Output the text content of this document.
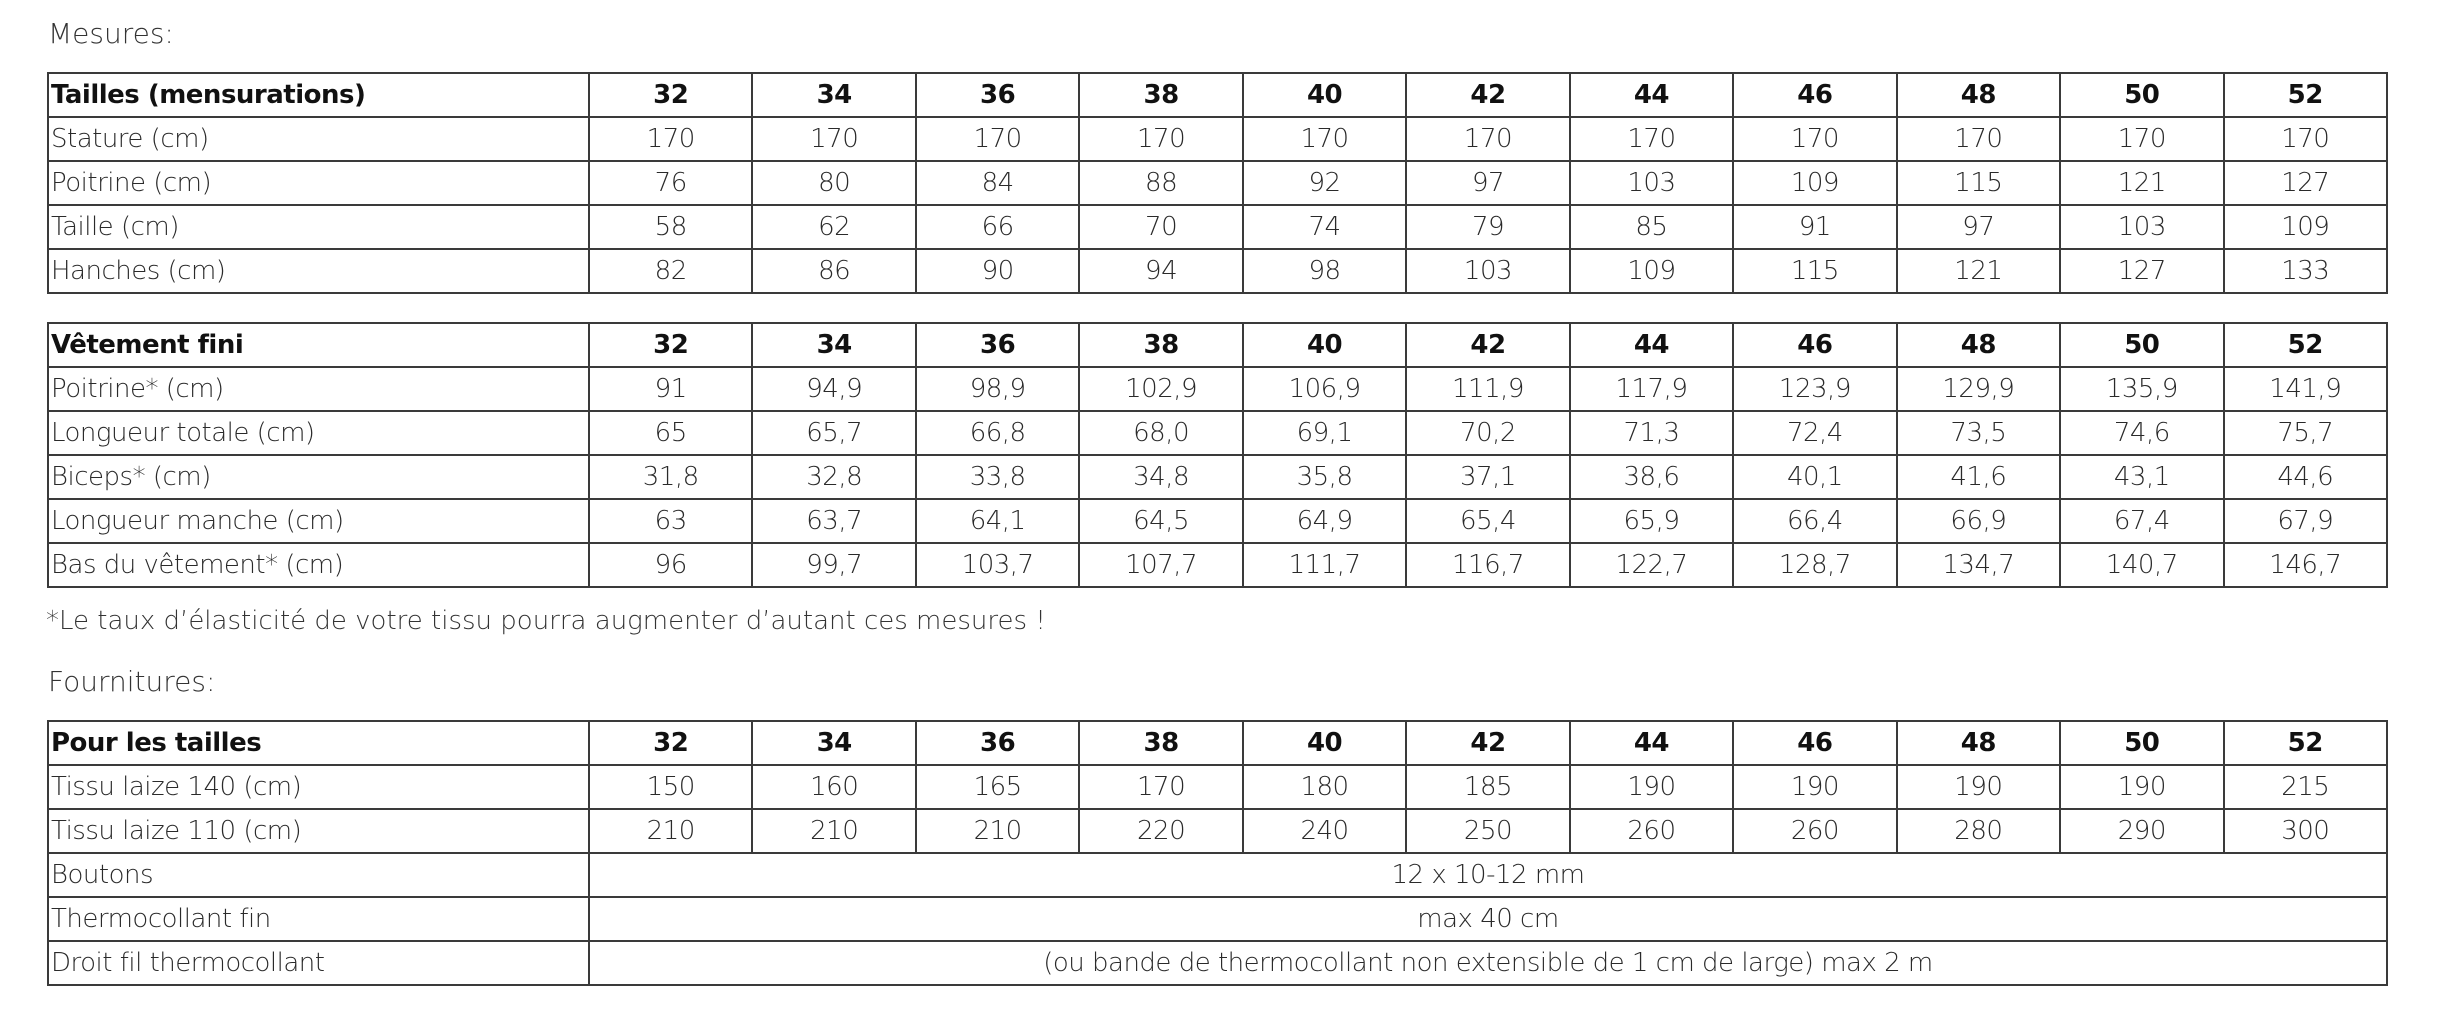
Mesures:
Tailles (mensurations)	32	34	36	38	40	42	44	46	48	50	52
Stature (cm)	170	170	170	170	170	170	170	170	170	170	170
Poitrine (cm)	76	80	84	88	92	97	103	109	115	121	127
Taille (cm)	58	62	66	70	74	79	85	91	97	103	109
Hanches (cm)	82	86	90	94	98	103	109	115	121	127	133
Vêtement fini	32	34	36	38	40	42	44	46	48	50	52
Poitrine* (cm)	91	94,9	98,9	102,9	106,9	111,9	117,9	123,9	129,9	135,9	141,9
Longueur totale (cm)	65	65,7	66,8	68,0	69,1	70,2	71,3	72,4	73,5	74,6	75,7
Biceps* (cm)	31,8	32,8	33,8	34,8	35,8	37,1	38,6	40,1	41,6	43,1	44,6
Longueur manche (cm)	63	63,7	64,1	64,5	64,9	65,4	65,9	66,4	66,9	67,4	67,9
Bas du vêtement* (cm)	96	99,7	103,7	107,7	111,7	116,7	122,7	128,7	134,7	140,7	146,7
*Le taux d’élasticité de votre tissu pourra augmenter d’autant ces mesures !
Fournitures:
Pour les tailles	32	34	36	38	40	42	44	46	48	50	52
Tissu laize 140 (cm)	150	160	165	170	180	185	190	190	190	190	215
Tissu laize 110 (cm)	210	210	210	220	240	250	260	260	280	290	300
Boutons	12 x 10-12 mm										
Thermocollant fin	max 40 cm										
Droit fil thermocollant	(ou bande de thermocollant non extensible de 1 cm de large) max 2 m										
